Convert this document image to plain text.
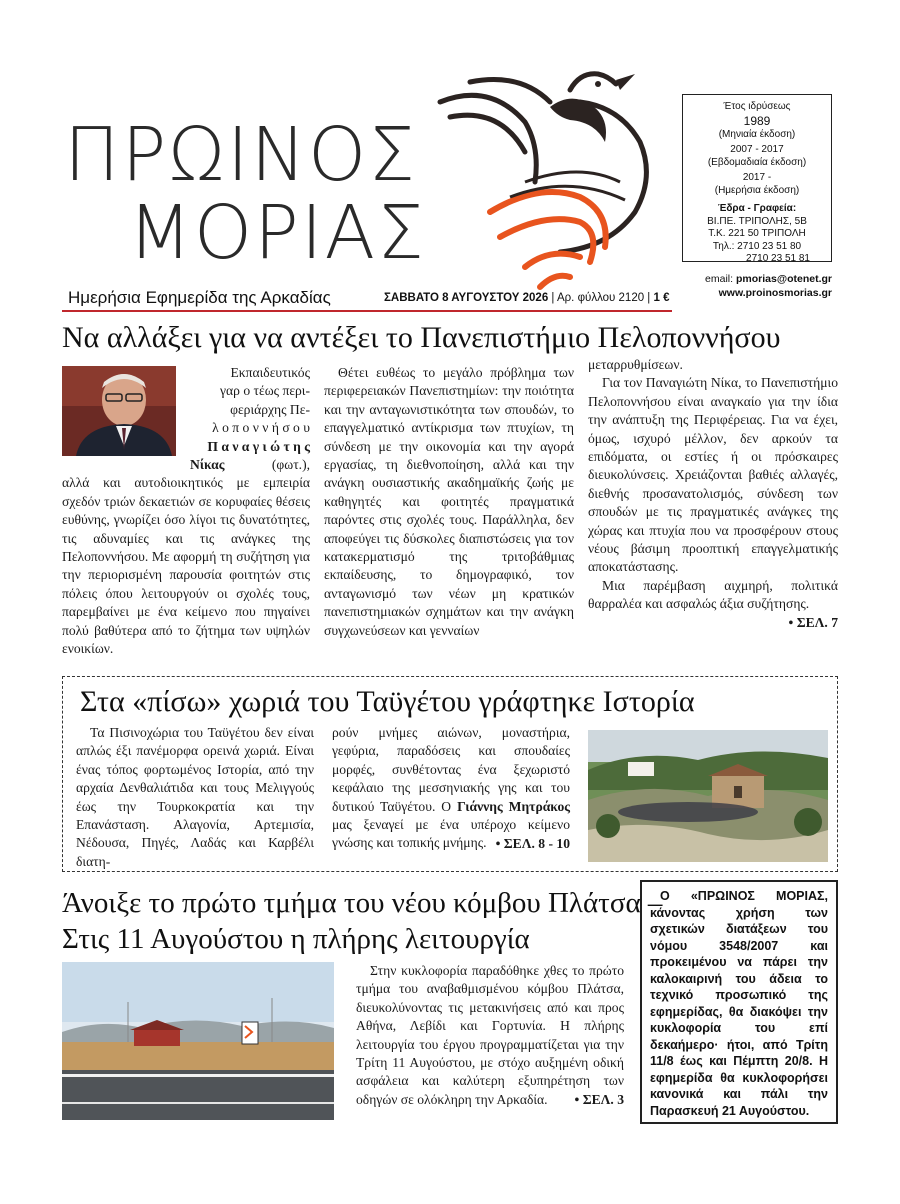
ΠΡΩΙΝΟΣ
ΜΟΡΙΑΣ
Έτος ιδρύσεως
1989
(Μηνιαία έκδοση)
2007 - 2017
(Εβδομαδιαία έκδοση)
2017 -
(Ημερήσια έκδοση)
Έδρα - Γραφεία:
ΒΙ.ΠΕ. ΤΡΙΠΟΛΗΣ, 5Β
Τ.Κ. 221 50 ΤΡΙΠΟΛΗ
Τηλ.: 2710 23 51 80
2710 23 51 81
email: pmorias@otenet.gr
www.proinosmorias.gr
Ημερήσια Εφημερίδα της Αρκαδίας	ΣΑΒΒΑΤΟ 8 ΑΥΓΟΥΣΤΟΥ 2026 | Αρ. φύλλου 2120 | 1 €
Να αλλάξει για να αντέξει το Πανεπιστήμιο Πελοποννήσου
Εκπαιδευτικός
γαρ ο τέως περι-
φεριάρχης Πε-
λ ο π ο ν ν ή σ ο υ
Π α ν α γ ι ώ τ η ς
Νίκας	(φωτ.),

αλλά και αυτοδιοικητικός με εμπειρία σχεδόν τριών δεκαετιών σε κορυφαίες θέσεις ευθύνης, γνωρίζει όσο λίγοι τις δυνατότητες, τις αδυναμίες και τις ανάγκες της Πελοποννήσου. Με αφορμή τη συζήτηση για την περιορισμένη παρουσία φοιτητών στις πόλεις όπου λειτουργούν οι σχολές τους, παρεμβαίνει με ένα κείμενο που πηγαίνει πολύ βαθύτερα από το ζήτημα των υψηλών ενοικίων.

Θέτει ευθέως το μεγάλο πρόβλημα των περιφερειακών Πανεπιστημίων: την ποιότητα και την ανταγωνιστικότητα των σπουδών, το επαγγελματικό αντίκρισμα των πτυχίων, τη σύνδεση με την οικονομία και την αγορά εργασίας, τη διεθνοποίηση, αλλά και την ανάγκη ουσιαστικής ακαδημαϊκής ζωής με καθηγητές και φοιτητές πραγματικά παρόντες στις σχολές τους. Παράλληλα, δεν αποφεύγει τις δύσκολες διαπιστώσεις για τον κατακερματισμό της τριτοβάθμιας εκπαίδευσης, το δημογραφικό, τον ανταγωνισμό των νέων μη κρατικών πανεπιστημιακών σχημάτων και την ανάγκη συγχωνεύσεων και γενναίων

μεταρρυθμίσεων.

Για τον Παναγιώτη Νίκα, το Πανεπιστήμιο Πελοποννήσου είναι αναγκαίο για την ίδια την ανάπτυξη της Περιφέρειας. Για να έχει, όμως, ισχυρό μέλλον, δεν αρκούν τα επιδόματα, οι εστίες ή οι πρόσκαιρες διευκολύνσεις. Χρειάζονται βαθιές αλλαγές, διεθνής προσανατολισμός, σύνδεση των σπουδών με τις πραγματικές ανάγκες της χώρας και πτυχία που να προσφέρουν στους νέους βάσιμη προοπτική επαγγελματικής αποκατάστασης.

Μια παρέμβαση αιχμηρή, πολιτικά θαρραλέα και ασφαλώς άξια συζήτησης.

• ΣΕΛ. 7
Στα «πίσω» χωριά του Ταϋγέτου γράφτηκε Ιστορία

Τα Πισινοχώρια του Ταϋγέτου δεν είναι απλώς έξι πανέμορφα ορεινά χωριά. Είναι ένας τόπος φορτωμένος Ιστορία, από την αρχαία Δενθαλιάτιδα και τους Μελιγγούς έως την Τουρκοκρατία και την Επανάσταση. Αλαγονία, Αρτεμισία, Νέδουσα, Πηγές, Λαδάς και Καρβέλι διατη-

ρούν μνήμες αιώνων, μοναστήρια, γεφύρια, παραδόσεις και σπουδαίες μορφές, συνθέτοντας ένα ξεχωριστό κεφάλαιο της μεσσηνιακής γης και του δυτικού Ταϋγέτου. Ο Γιάννης Μητράκος μας ξεναγεί με ένα υπέροχο κείμενο γνώσης και τοπικής μνήμης. • ΣΕΛ. 8 - 10
Άνοιξε το πρώτο τμήμα του νέου κόμβου Πλάτσα –
Στις 11 Αυγούστου η πλήρης λειτουργία

Στην κυκλοφορία παραδόθηκε χθες το πρώτο τμήμα του αναβαθμισμένου κόμβου Πλάτσα, διευκολύνοντας τις μετακινήσεις από και προς Αθήνα, Λεβίδι και Γορτυνία. Η πλήρης λειτουργία του έργου προγραμματίζεται για την Τρίτη 11 Αυγούστου, με στόχο αυξημένη οδική ασφάλεια και καλύτερη εξυπηρέτηση των οδηγών σε ολόκληρη την Αρκαδία.	• ΣΕΛ. 3
Ο «ΠΡΩΙΝΟΣ ΜΟΡΙΑΣ, κάνοντας χρήση των σχετικών διατάξεων του νόμου 3548/2007 και προκειμένου να πάρει την καλοκαιρινή του άδεια το τεχνικό προσωπικό της εφημερίδας, θα διακόψει την κυκλοφορία του επί δεκαήμερο· ήτοι, από Τρίτη 11/8 έως και Πέμπτη 20/8. Η εφημερίδα θα κυκλοφορήσει κανονικά και πάλι την Παρασκευή 21 Αυγούστου.
